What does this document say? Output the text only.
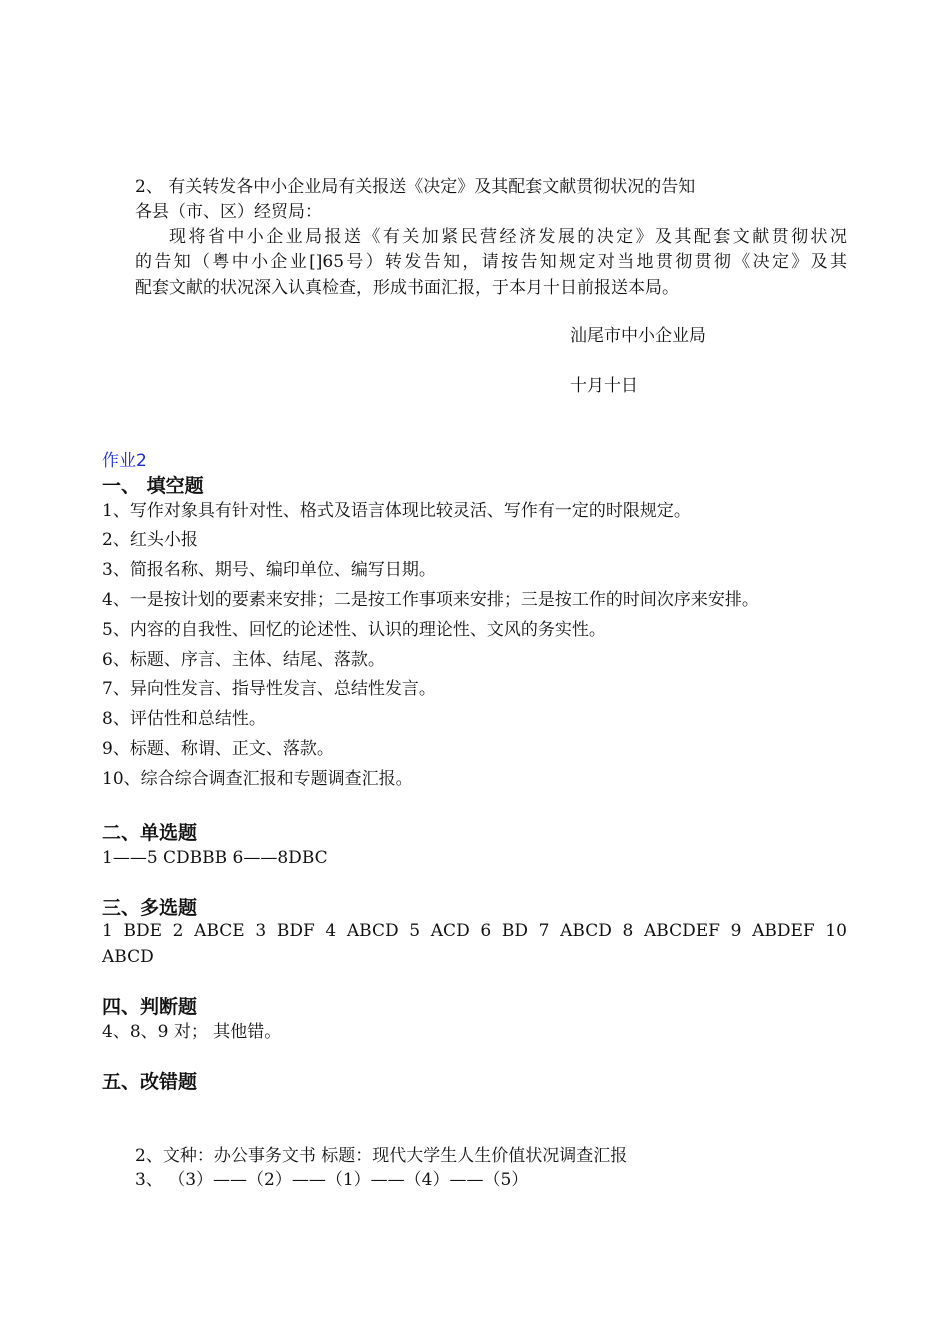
2、 有关转发各中小企业局有关报送《决定》及其配套文献贯彻状况的告知
各县（市、区）经贸局：
现将省中小企业局报送《有关加紧民营经济发展的决定》及其配套文献贯彻状况
的告知（粤中小企业[]65号）转发告知，请按告知规定对当地贯彻贯彻《决定》及其
配套文献的状况深入认真检查，形成书面汇报，于本月十日前报送本局。
汕尾市中小企业局
十月十日
作业2
一、 填空题
1、写作对象具有针对性、格式及语言体现比较灵活、写作有一定的时限规定。
2、红头小报
3、简报名称、期号、编印单位、编写日期。
4、一是按计划的要素来安排；二是按工作事项来安排；三是按工作的时间次序来安排。
5、内容的自我性、回忆的论述性、认识的理论性、文风的务实性。
6、标题、序言、主体、结尾、落款。
7、异向性发言、指导性发言、总结性发言。
8、评估性和总结性。
9、标题、称谓、正文、落款。
10、综合综合调查汇报和专题调查汇报。
二、单选题
1——5 CDBBB 6——8DBC
三、多选题
1 BDE 2 ABCE 3 BDF 4 ABCD 5 ACD 6 BD 7 ABCD 8 ABCDEF 9 ABDEF 10
ABCD
四、判断题
4、8、9 对； 其他错。
五、改错题
2、文种：办公事务文书 标题：现代大学生人生价值状况调查汇报
3、 （3）——（2）——（1）——（4）——（5）
